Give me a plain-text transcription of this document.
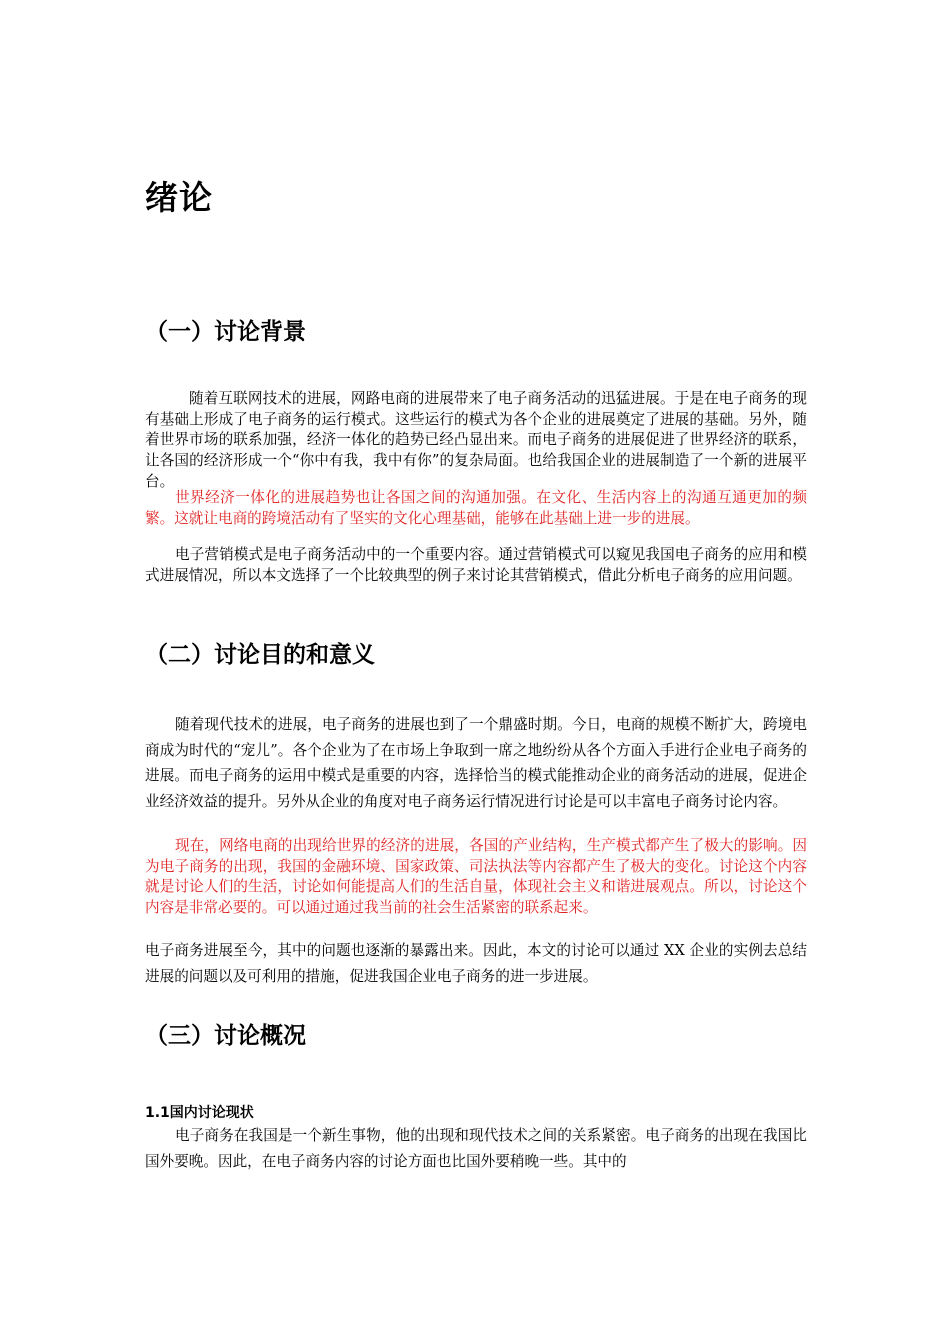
绪论
（一）讨论背景

随着互联网技术的进展，网路电商的进展带来了电子商务活动的迅猛进展。于是在电子商务的现有基础上形成了电子商务的运行模式。这些运行的模式为各个企业的进展奠定了进展的基础。另外，随着世界市场的联系加强，经济一体化的趋势已经凸显出来。而电子商务的进展促进了世界经济的联系，让各国的经济形成一个“你中有我，我中有你”的复杂局面。也给我国企业的进展制造了一个新的进展平台。

世界经济一体化的进展趋势也让各国之间的沟通加强。在文化、生活内容上的沟通互通更加的频繁。这就让电商的跨境活动有了坚实的文化心理基础，能够在此基础上进一步的进展。

电子营销模式是电子商务活动中的一个重要内容。通过营销模式可以窥见我国电子商务的应用和模式进展情况，所以本文选择了一个比较典型的例子来讨论其营销模式，借此分析电子商务的应用问题。

（二）讨论目的和意义

随着现代技术的进展，电子商务的进展也到了一个鼎盛时期。今日，电商的规模不断扩大，跨境电商成为时代的“宠儿”。各个企业为了在市场上争取到一席之地纷纷从各个方面入手进行企业电子商务的进展。而电子商务的运用中模式是重要的内容，选择恰当的模式能推动企业的商务活动的进展，促进企业经济效益的提升。另外从企业的角度对电子商务运行情况进行讨论是可以丰富电子商务讨论内容。

现在，网络电商的出现给世界的经济的进展，各国的产业结构，生产模式都产生了极大的影响。因为电子商务的出现，我国的金融环境、国家政策、司法执法等内容都产生了极大的变化。讨论这个内容就是讨论人们的生活，讨论如何能提高人们的生活自量，体现社会主义和谐进展观点。所以，讨论这个内容是非常必要的。可以通过通过我当前的社会生活紧密的联系起来。

电子商务进展至今，其中的问题也逐渐的暴露出来。因此，本文的讨论可以通过 XX 企业的实例去总结进展的问题以及可利用的措施，促进我国企业电子商务的进一步进展。

（三）讨论概况
1.1国内讨论现状

电子商务在我国是一个新生事物，他的出现和现代技术之间的关系紧密。电子商务的出现在我国比国外要晚。因此，在电子商务内容的讨论方面也比国外要稍晚一些。其中的
